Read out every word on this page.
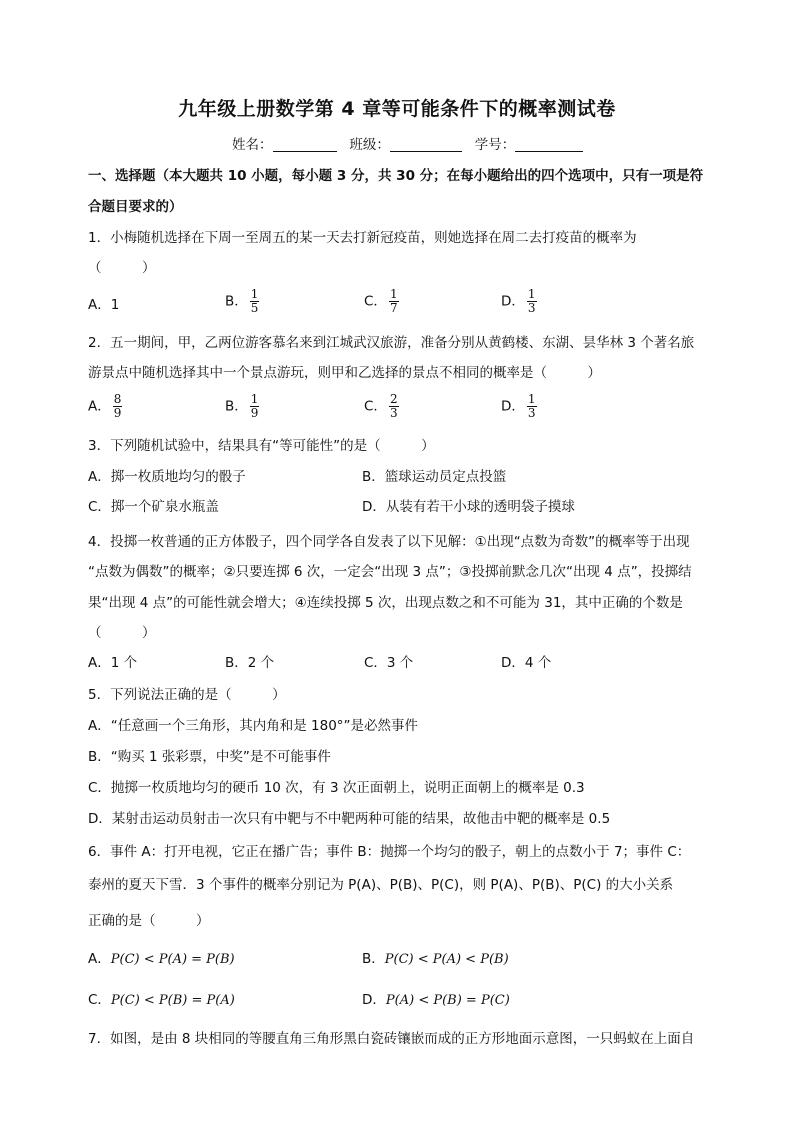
九年级上册数学第 4 章等可能条件下的概率测试卷
姓名：	班级：	学号：
一、选择题（本大题共 10 小题，每小题 3 分，共 30 分；在每小题给出的四个选项中，只有一项是符
合题目要求的）
1．小梅随机选择在下周一至周五的某一天去打新冠疫苗，则她选择在周二去打疫苗的概率为
（　　　）
A．1	B． $\frac{1}{5}$	C． $\frac{1}{7}$	D． $\frac{1}{3}$
2．五一期间，甲，乙两位游客慕名来到江城武汉旅游，准备分别从黄鹤楼、东湖、昙华林 3 个著名旅
游景点中随机选择其中一个景点游玩，则甲和乙选择的景点不相同的概率是（　　　）
A． $\frac{8}{9}$	B． $\frac{1}{9}$	C． $\frac{2}{3}$	D． $\frac{1}{3}$
3．下列随机试验中，结果具有“等可能性”的是（　　　）
A．掷一枚质地均匀的骰子	B．篮球运动员定点投篮
C．掷一个矿泉水瓶盖	D．从装有若干小球的透明袋子摸球
4．投掷一枚普通的正方体骰子，四个同学各自发表了以下见解：①出现“点数为奇数”的概率等于出现
“点数为偶数”的概率；②只要连掷 6 次，一定会“出现 3 点”；③投掷前默念几次“出现 4 点”，投掷结
果“出现 4 点”的可能性就会增大；④连续投掷 5 次，出现点数之和不可能为 31，其中正确的个数是
（　　　）
A．1 个	B．2 个	C．3 个	D．4 个
5．下列说法正确的是（　　　）
A．“任意画一个三角形，其内角和是 180°”是必然事件
B．“购买 1 张彩票，中奖”是不可能事件
C．抛掷一枚质地均匀的硬币 10 次，有 3 次正面朝上，说明正面朝上的概率是 0.3
D．某射击运动员射击一次只有中靶与不中靶两种可能的结果，故他击中靶的概率是 0.5
6．事件 A：打开电视，它正在播广告；事件 B：抛掷一个均匀的骰子，朝上的点数小于 7；事件 C：
泰州的夏天下雪．3 个事件的概率分别记为 P(A)、P(B)、P(C)，则 P(A)、P(B)、P(C) 的大小关系
正确的是（　　　）
A．P(C) < P(A) = P(B)	B．P(C) < P(A) < P(B)
C．P(C) < P(B) = P(A)	D．P(A) < P(B) = P(C)
7．如图，是由 8 块相同的等腰直角三角形黑白瓷砖镶嵌而成的正方形地面示意图，一只蚂蚁在上面自
